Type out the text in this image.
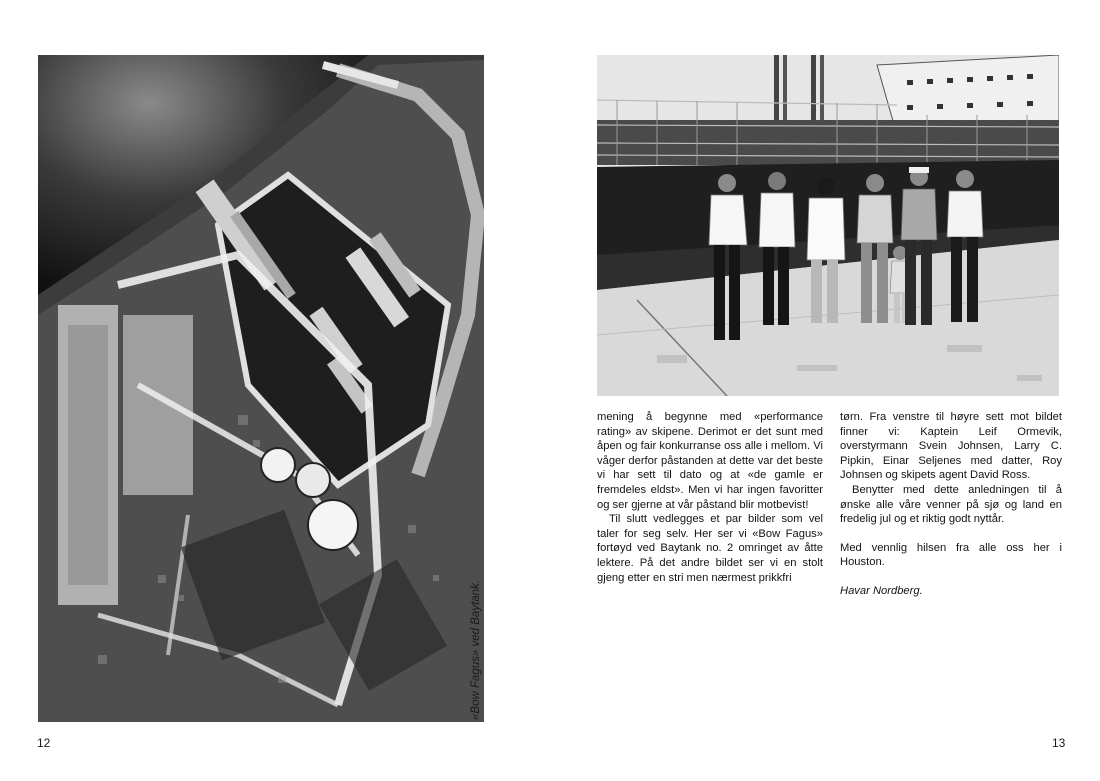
«Bow Fagus» ved Baytank.
12

mening å begynne med «performance rating» av skipene. Derimot er det sunt med åpen og fair konkurranse oss alle i mellom. Vi våger derfor påstanden at dette var det beste vi har sett til dato og at «de gamle er fremdeles eldst». Men vi har ingen favoritter og ser gjerne at vår påstand blir motbevist!

Til slutt vedlegges et par bilder som vel taler for seg selv. Her ser vi «Bow Fagus» fortøyd ved Baytank no. 2 omringet av åtte lektere. På det andre bildet ser vi en stolt gjeng etter en stri men nærmest prikkfri

tørn. Fra venstre til høyre sett mot bildet finner vi: Kaptein Leif Ormevik, overstyrmann Svein Johnsen, Larry C. Pipkin, Einar Seljenes med datter, Roy Johnsen og skipets agent David Ross.

Benytter med dette anledningen til å ønske alle våre venner på sjø og land en fredelig jul og et riktig godt nyttår.

Med vennlig hilsen fra alle oss her i Houston.

Havar Nordberg.

13
